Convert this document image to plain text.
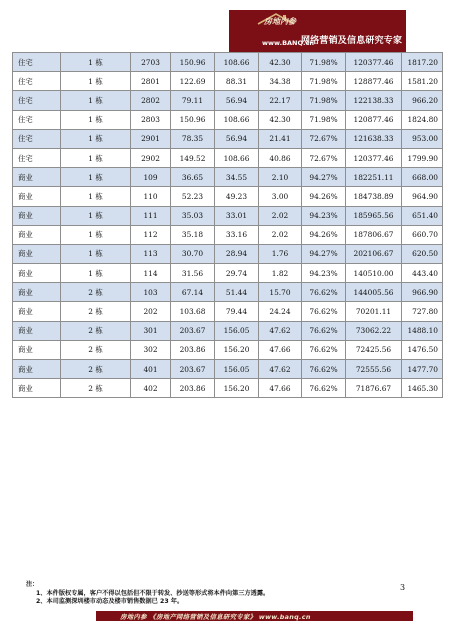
房地内参
www.BANQ.cn
网络营销及信息研究专家
住宅	1 栋	2703	150.96	108.66	42.30	71.98%	120377.46	1817.20
住宅	1 栋	2801	122.69	88.31	34.38	71.98%	128877.46	1581.20
住宅	1 栋	2802	79.11	56.94	22.17	71.98%	122138.33	966.20
住宅	1 栋	2803	150.96	108.66	42.30	71.98%	120877.46	1824.80
住宅	1 栋	2901	78.35	56.94	21.41	72.67%	121638.33	953.00
住宅	1 栋	2902	149.52	108.66	40.86	72.67%	120377.46	1799.90
商业	1 栋	109	36.65	34.55	2.10	94.27%	182251.11	668.00
商业	1 栋	110	52.23	49.23	3.00	94.26%	184738.89	964.90
商业	1 栋	111	35.03	33.01	2.02	94.23%	185965.56	651.40
商业	1 栋	112	35.18	33.16	2.02	94.26%	187806.67	660.70
商业	1 栋	113	30.70	28.94	1.76	94.27%	202106.67	620.50
商业	1 栋	114	31.56	29.74	1.82	94.23%	140510.00	443.40
商业	2 栋	103	67.14	51.44	15.70	76.62%	144005.56	966.90
商业	2 栋	202	103.68	79.44	24.24	76.62%	70201.11	727.80
商业	2 栋	301	203.67	156.05	47.62	76.62%	73062.22	1488.10
商业	2 栋	302	203.86	156.20	47.66	76.62%	72425.56	1476.50
商业	2 栋	401	203.67	156.05	47.62	76.62%	72555.56	1477.70
商业	2 栋	402	203.86	156.20	47.66	76.62%	71876.67	1465.30
注：
1、本件版权专属，客户不得以包括但不限于转发、抄送等形式将本件向第三方透露。
2、本司监测深圳楼市动态及楼市销售数据已 23 年。
3
房地内参 《房地产网络营销及信息研究专家》 www.banq.cn
